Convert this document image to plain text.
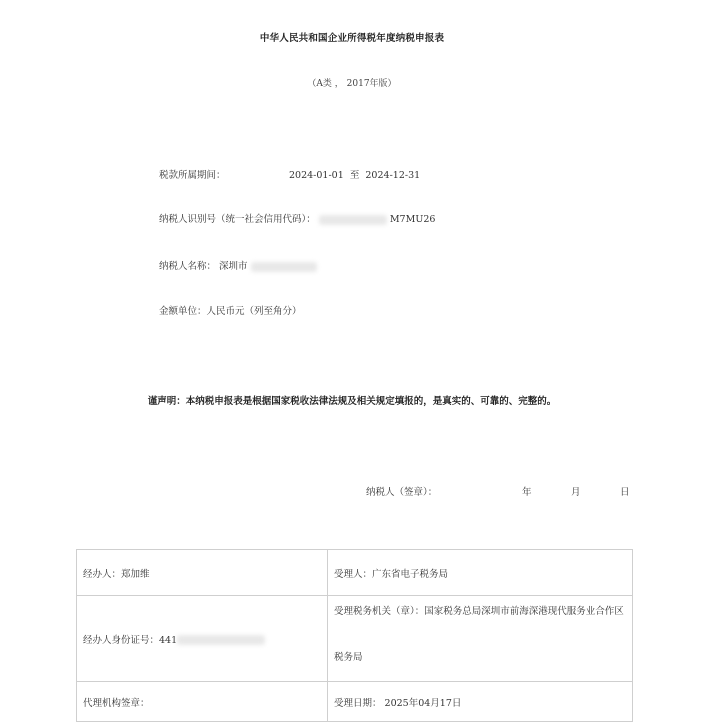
中华人民共和国企业所得税年度纳税申报表
（A类 ， 2017年版）
税款所属期间：	2024-01-01 至 2024-12-31
纳税人识别号（统一社会信用代码）：	M7MU26
纳税人名称： 深圳市
金额单位：人民币元（列至角分）
谨声明：本纳税申报表是根据国家税收法律法规及相关规定填报的，是真实的、可靠的、完整的。
纳税人（签章）：	年	月	日
经办人：郑加维	受理人：广东省电子税务局
经办人身份证号：441	受理税务机关（章）：国家税务总局深圳市前海深港现代服务业合作区税务局

代理机构签章：	受理日期： 2025年04月17日
